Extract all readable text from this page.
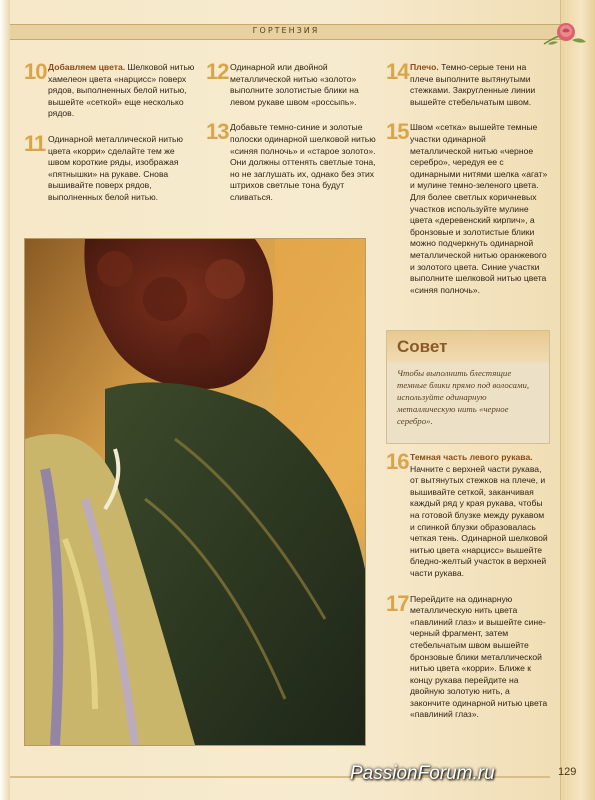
ГОРТЕНЗИЯ
10 Добавляем цвета. Шелковой нитью хамелеон цвета «нарцисс» поверх рядов, выполненных белой нитью, вышейте «сеткой» еще несколько рядов.
11 Одинарной металлической нитью цвета «корри» сделайте тем же швом короткие ряды, изображая «пятнышки» на рукаве. Снова вышивайте поверх рядов, выполненных белой нитью.
12 Одинарной или двойной металлической нитью «золото» выполните золотистые блики на левом рукаве швом «россыпь».
13 Добавьте темно-синие и золотые полоски одинарной шелковой нитью «синяя полночь» и «старое золото». Они должны оттенять светлые тона, но не заглушать их, однако без этих штрихов светлые тона будут сливаться.
14 Плечо. Темно-серые тени на плече выполните вытянутыми стежками. Закругленные линии вышейте стебельчатым швом.
15 Швом «сетка» вышейте темные участки одинарной металлической нитью «черное серебро», чередуя ее с одинарными нитями шелка «агат» и мулине темно-зеленого цвета. Для более светлых коричневых участков используйте мулине цвета «деревенский кирпич», а бронзовые и золотистые блики можно подчеркнуть одинарной металлической нитью оранжевого и золотого цвета. Синие участки выполните шелковой нитью цвета «синяя полночь».
Совет
Чтобы выполнить блестящие темные блики прямо под волосами, используйте одинарную металлическую нить «черное серебро».
16 Темная часть левого рукава. Начните с верхней части рукава, от вытянутых стежков на плече, и вышивайте сеткой, заканчивая каждый ряд у края рукава, чтобы на готовой блузке между рукавом и спинкой блузки образовалась четкая тень. Одинарной шелковой нитью цвета «нарцисс» вышейте бледно-желтый участок в верхней части рукава.
17 Перейдите на одинарную металлическую нить цвета «павлиний глаз» и вышейте сине-черный фрагмент, затем стебельчатым швом вышейте бронзовые блики металлической нитью цвета «корри». Ближе к концу рукава перейдите на двойную золотую нить, а закончите одинарной нитью цвета «павлиний глаз».
PassionForum.ru	129
